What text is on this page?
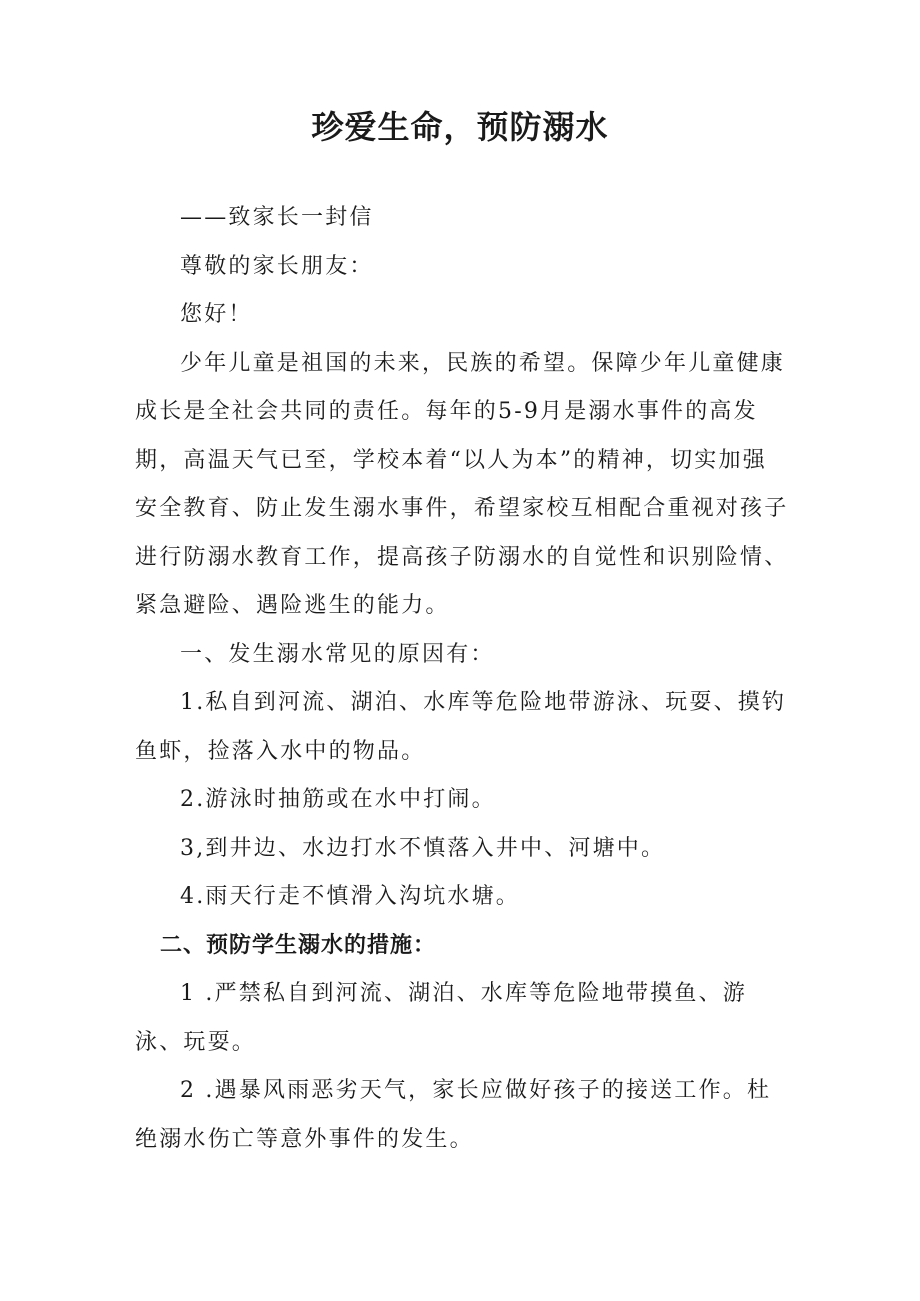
珍爱生命，预防溺水

——致家长一封信

尊敬的家长朋友：

您好！

少年儿童是祖国的未来，民族的希望。保障少年儿童健康成长是全社会共同的责任。每年的5-9月是溺水事件的高发期，高温天气已至，学校本着“以人为本”的精神，切实加强安全教育、防止发生溺水事件，希望家校互相配合重视对孩子进行防溺水教育工作，提高孩子防溺水的自觉性和识别险情、紧急避险、遇险逃生的能力。

一、发生溺水常见的原因有：

1.私自到河流、湖泊、水库等危险地带游泳、玩耍、摸钓鱼虾，捡落入水中的物品。

2.游泳时抽筋或在水中打闹。

3,到井边、水边打水不慎落入井中、河塘中。

4.雨天行走不慎滑入沟坑水塘。

二、预防学生溺水的措施：

1 .严禁私自到河流、湖泊、水库等危险地带摸鱼、游泳、玩耍。

2 .遇暴风雨恶劣天气，家长应做好孩子的接送工作。杜绝溺水伤亡等意外事件的发生。
